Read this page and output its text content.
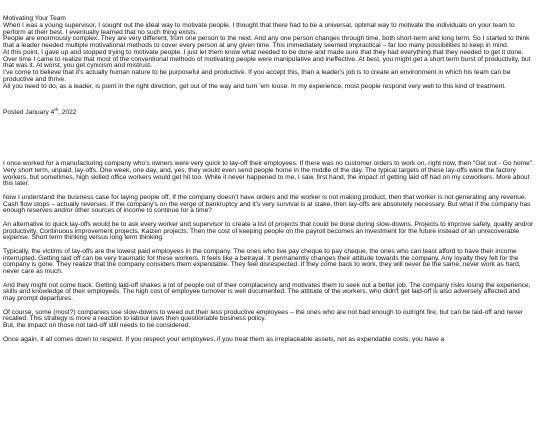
Motivating Your Team

When I was a young supervisor, I sought out the ideal way to motivate people. I thought that there had to be a universal, optimal way to motivate the individuals on your team to perform at their best. I eventually learned that no such thing exists.

People are enormously complex. They are very different, from one person to the next. And any one person changes through time, both short-term and long term. So I started to think that a leader needed multiple motivational methods to cover every person at any given time. This immediately seemed impractical – far too many possibilities to keep in mind.

At this point, I gave up and stopped trying to motivate people. I just let them know what needed to be done and made sure that they had everything that they needed to get it done.

Over time I came to realize that most of the conventional methods of motivating people were manipulative and ineffective. At best, you might get a short term burst of productivity, but that was it. At worst, you get cynicism and mistrust.

I've come to believe that it's actually human nature to be purposeful and productive. If you accept this, than a leader's job is to create an environment in which his team can be productive and thrive.

All you need to do, as a leader, is point in the right direction, get out of the way and turn 'em loose. In my experience, most people respond very well to this kind of treatment.

Posted January 4th, 2022

I once worked for a manufacturing company who's owners were very quick to lay-off their employees. If there was no customer orders to work on, right now, then "Get out - Go home". Very short term, unpaid, lay-offs. One week, one day, and, yes, they would even send people home in the middle of the day. The typical targets of these lay-offs were the factory workers, but sometimes, high skilled office workers would get hit too. While it never happened to me, I saw, first hand, the impact of getting laid off had on my coworkers. More about this later.

Now I understand the business case for laying people off. If the company doesn't have orders and the worker is not making product, then that worker is not generating any revenue. Cash flow stops – actually reverses. If the company's on the verge of bankruptcy and it's very survival is at stake, then lay-offs are absolutely necessary. But what if the company has enough reserves and/or other sources of income to continue for a time?

An alternative to quick lay-offs would be to ask every worker and supervisor to create a list of projects that could be done during slow-downs. Projects to improve safety, quality and/or productivity. Continuous improvement projects. Kaizen projects. Then the cost of keeping people on the payroll becomes an investment for the future instead of an unrecoverable expense. Short term thinking versus long term thinking.

Typically, the victims of lay-offs are the lowest paid employees in the company. The ones who live pay cheque to pay cheque, the ones who can least afford to have their income interrupted. Getting laid off can be very traumatic for these workers. It feels like a betrayal. It permanently changes their attitude towards the company. Any loyalty they felt for the company is gone. They realize that the company considers them expendable. They feel disrespected. If they come back to work, they will never be the same, never work as hard, never care as much.

And they might not come back. Getting laid-off shakes a lot of people out of their complacency and motivates them to seek out a better job. The company risks losing the experience, skills and knowledge of their employees. The high cost of employee turnover is well documented. The attitude of the workers, who didn't get laid-off is also adversely affected and may prompt departures.

Of course, some (most?) companies use slow-downs to weed out their less productive employees – the ones who are not bad enough to outright fire, but can be laid-off and never recalled. This strategy is more a reaction to labour laws then questionable business policy.
But, the impact on those not laid-off still needs to be considered.

Once again, it all comes down to respect. If you respect your employees, if you treat them as irreplaceable assets, not as expendable costs, you have a
